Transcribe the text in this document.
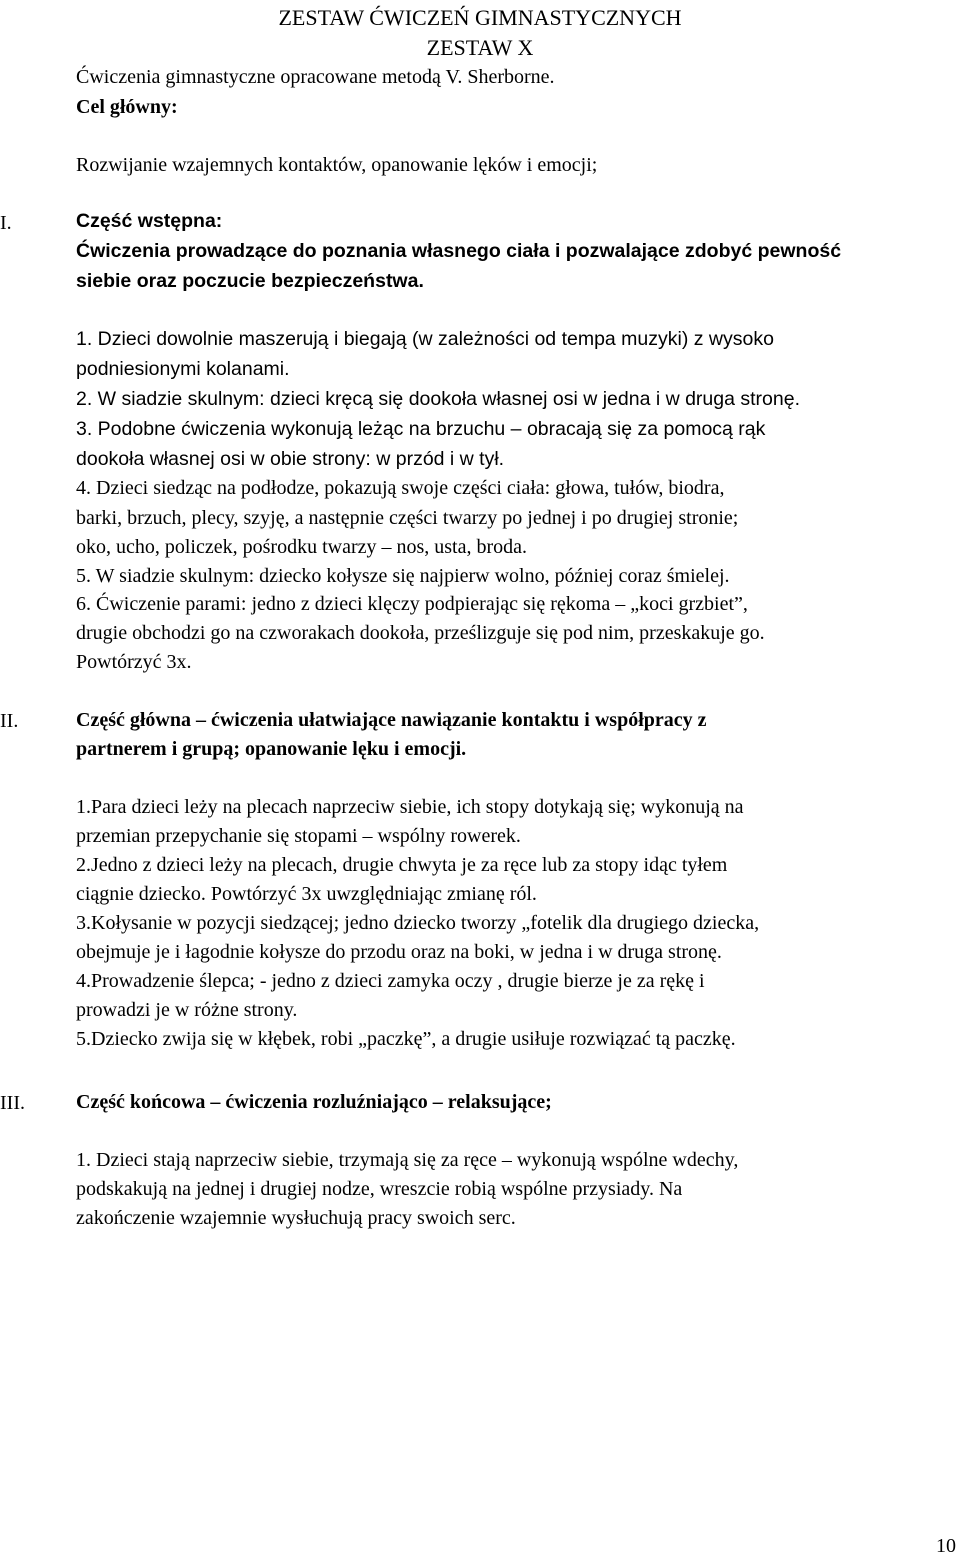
ZESTAW ĆWICZEŃ GIMNASTYCZNYCH
ZESTAW X
Ćwiczenia gimnastyczne opracowane metodą V. Sherborne.
Cel główny:
Rozwijanie wzajemnych kontaktów, opanowanie lęków i emocji;
I.	Część wstępna:
Ćwiczenia prowadzące do poznania własnego ciała i pozwalające zdobyć pewność
siebie oraz poczucie bezpieczeństwa.
1. Dzieci dowolnie maszerują i biegają (w zależności od tempa muzyki) z wysoko
podniesionymi kolanami.
2. W siadzie skulnym: dzieci kręcą się dookoła własnej osi w jedna i w druga stronę.
3. Podobne ćwiczenia wykonują leżąc na brzuchu – obracają się za pomocą rąk
dookoła własnej osi w obie strony: w przód i w tył.
4. Dzieci siedząc na podłodze, pokazują swoje części ciała: głowa, tułów, biodra,
barki, brzuch, plecy, szyję, a następnie części twarzy po jednej i po drugiej stronie;
oko, ucho, policzek, pośrodku twarzy – nos, usta, broda.
5. W siadzie skulnym: dziecko kołysze się najpierw wolno, później coraz śmielej.
6. Ćwiczenie parami: jedno z dzieci klęczy podpierając się rękoma – „koci grzbiet”,
drugie obchodzi go na czworakach dookoła, prześlizguje się pod nim, przeskakuje go.
Powtórzyć 3x.
II.	Część główna – ćwiczenia ułatwiające nawiązanie kontaktu i współpracy z
partnerem i grupą; opanowanie lęku i emocji.
1.Para dzieci leży na plecach naprzeciw siebie, ich stopy dotykają się; wykonują na
przemian przepychanie się stopami – wspólny rowerek.
2.Jedno z dzieci leży na plecach, drugie chwyta je za ręce lub za stopy idąc tyłem
ciągnie dziecko. Powtórzyć 3x uwzględniając zmianę ról.
3.Kołysanie w pozycji siedzącej; jedno dziecko tworzy „fotelik dla drugiego dziecka,
obejmuje je i łagodnie kołysze do przodu oraz na boki, w jedna i w druga stronę.
4.Prowadzenie ślepca; - jedno z dzieci zamyka oczy , drugie bierze je za rękę i
prowadzi je w różne strony.
5.Dziecko zwija się w kłębek, robi „paczkę”, a drugie usiłuje rozwiązać tą paczkę.
III.	Część końcowa – ćwiczenia rozluźniająco – relaksujące;
1. Dzieci stają naprzeciw siebie, trzymają się za ręce – wykonują wspólne wdechy,
podskakują na jednej i drugiej nodze, wreszcie robią wspólne przysiady. Na
zakończenie wzajemnie wysłuchują pracy swoich serc.
10
